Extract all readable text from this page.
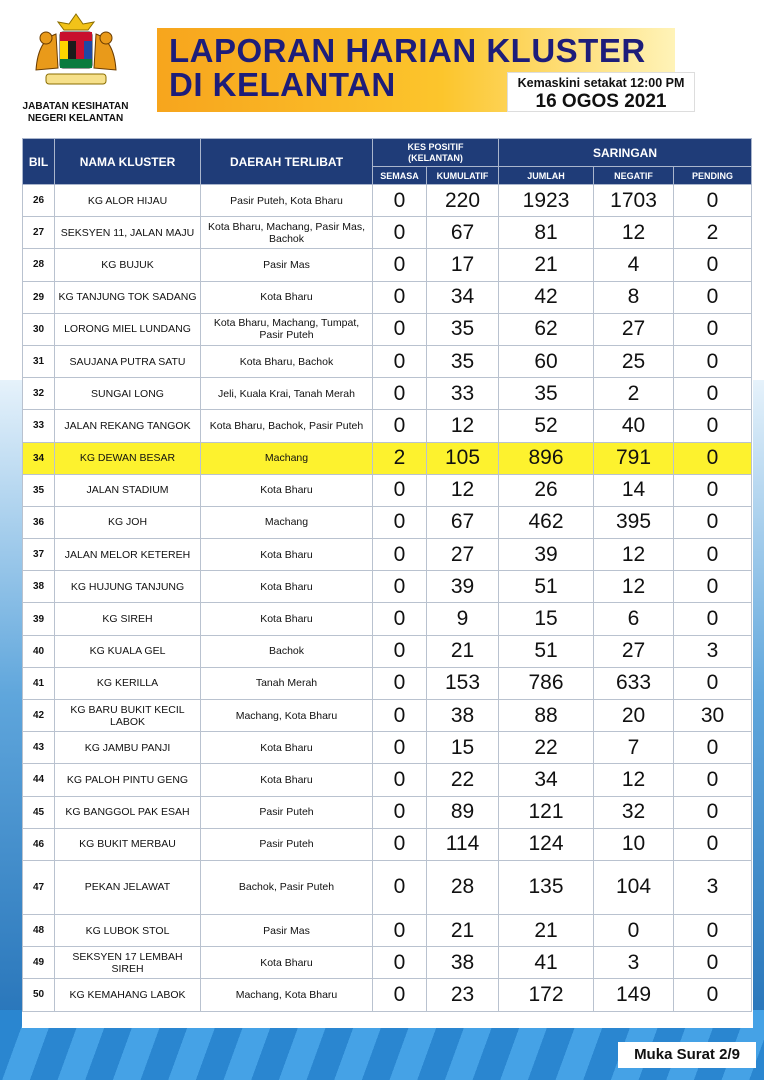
JABATAN KESIHATAN
NEGERI KELANTAN
LAPORAN HARIAN KLUSTER
DI KELANTAN	Kemaskini setakat 12:00 PM
16 OGOS 2021
BIL	NAMA KLUSTER	DAERAH TERLIBAT	KES POSITIF
(KELANTAN)		SARINGAN		
			SEMASA	KUMULATIF	JUMLAH	NEGATIF	PENDING
26	KG ALOR HIJAU	Pasir Puteh, Kota Bharu	0	220	1923	1703	0
27	SEKSYEN 11, JALAN MAJU	Kota Bharu, Machang, Pasir Mas, Bachok	0	67	81	12	2
28	KG BUJUK	Pasir Mas	0	17	21	4	0
29	KG TANJUNG TOK SADANG	Kota Bharu	0	34	42	8	0
30	LORONG MIEL LUNDANG	Kota Bharu, Machang, Tumpat, Pasir Puteh	0	35	62	27	0
31	SAUJANA PUTRA SATU	Kota Bharu, Bachok	0	35	60	25	0
32	SUNGAI LONG	Jeli, Kuala Krai, Tanah Merah	0	33	35	2	0
33	JALAN REKANG TANGOK	Kota Bharu, Bachok, Pasir Puteh	0	12	52	40	0
34	KG DEWAN BESAR	Machang	2	105	896	791	0
35	JALAN STADIUM	Kota Bharu	0	12	26	14	0
36	KG JOH	Machang	0	67	462	395	0
37	JALAN MELOR KETEREH	Kota Bharu	0	27	39	12	0
38	KG HUJUNG TANJUNG	Kota Bharu	0	39	51	12	0
39	KG SIREH	Kota Bharu	0	9	15	6	0
40	KG KUALA GEL	Bachok	0	21	51	27	3
41	KG KERILLA	Tanah Merah	0	153	786	633	0
42	KG BARU BUKIT KECIL LABOK	Machang, Kota Bharu	0	38	88	20	30
43	KG JAMBU PANJI	Kota Bharu	0	15	22	7	0
44	KG PALOH PINTU GENG	Kota Bharu	0	22	34	12	0
45	KG BANGGOL PAK ESAH	Pasir Puteh	0	89	121	32	0
46	KG BUKIT MERBAU	Pasir Puteh	0	114	124	10	0
47	PEKAN JELAWAT	Bachok, Pasir Puteh	0	28	135	104	3
48	KG LUBOK STOL	Pasir Mas	0	21	21	0	0
49	SEKSYEN 17 LEMBAH SIREH	Kota Bharu	0	38	41	3	0
50	KG KEMAHANG LABOK	Machang, Kota Bharu	0	23	172	149	0
Muka Surat 2/9
